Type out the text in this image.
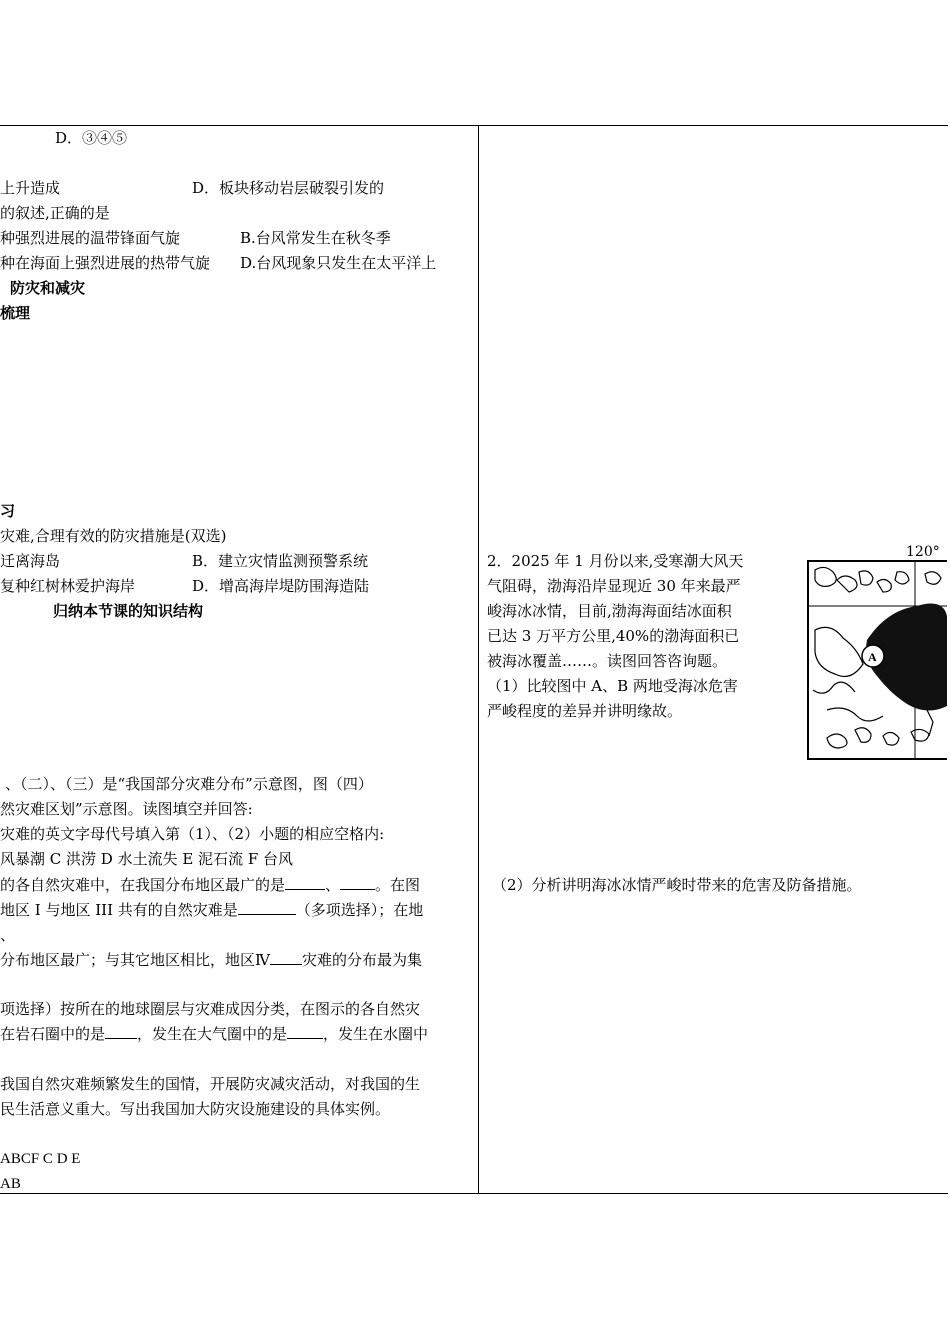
D．③④⑤
上升造成	D．板块移动岩层破裂引发的
的叙述,正确的是
种强烈进展的温带锋面气旋	B.台风常发生在秋冬季
种在海面上强烈进展的热带气旋 D.台风现象只发生在太平洋上
防灾和减灾
梳理
习
灾难,合理有效的防灾措施是(双选)
迁离海岛	B．建立灾情监测预警系统
复种红树林爱护海岸	D．增高海岸堤防围海造陆
归纳本节课的知识结构
、（二）、（三）是“我国部分灾难分布”示意图，图（四）
然灾难区划”示意图。读图填空并回答:
灾难的英文字母代号填入第（1）、（2）小题的相应空格内:
风暴潮 C 洪涝 D 水土流失 E 泥石流 F 台风
的各自然灾难中，在我国分布地区最广的是	、 。在图
地区 I 与地区 III 共有的自然灾难是	（多项选择）；在地
、
分布地区最广；与其它地区相比，地区Ⅳ 灾难的分布最为集
项选择）按所在的地球圈层与灾难成因分类，在图示的各自然灾
在岩石圈中的是 ，发生在大气圈中的是 ，发生在水圈中
我国自然灾难频繁发生的国情，开展防灾减灾活动，对我国的生
民生活意义重大。写出我国加大防灾设施建设的具体实例。
ABCF C D E
AB
2．2025 年 1 月份以来,受寒潮大风天
气阻碍，渤海沿岸显现近 30 年来最严
峻海冰冰情，目前,渤海海面结冰面积
已达 3 万平方公里,40%的渤海面积已
被海冰覆盖……。读图回答咨询题。
（1）比较图中 A、B 两地受海冰危害
严峻程度的差异并讲明缘故。
（2）分析讲明海冰冰情严峻时带来的危害及防备措施。
120°
A
